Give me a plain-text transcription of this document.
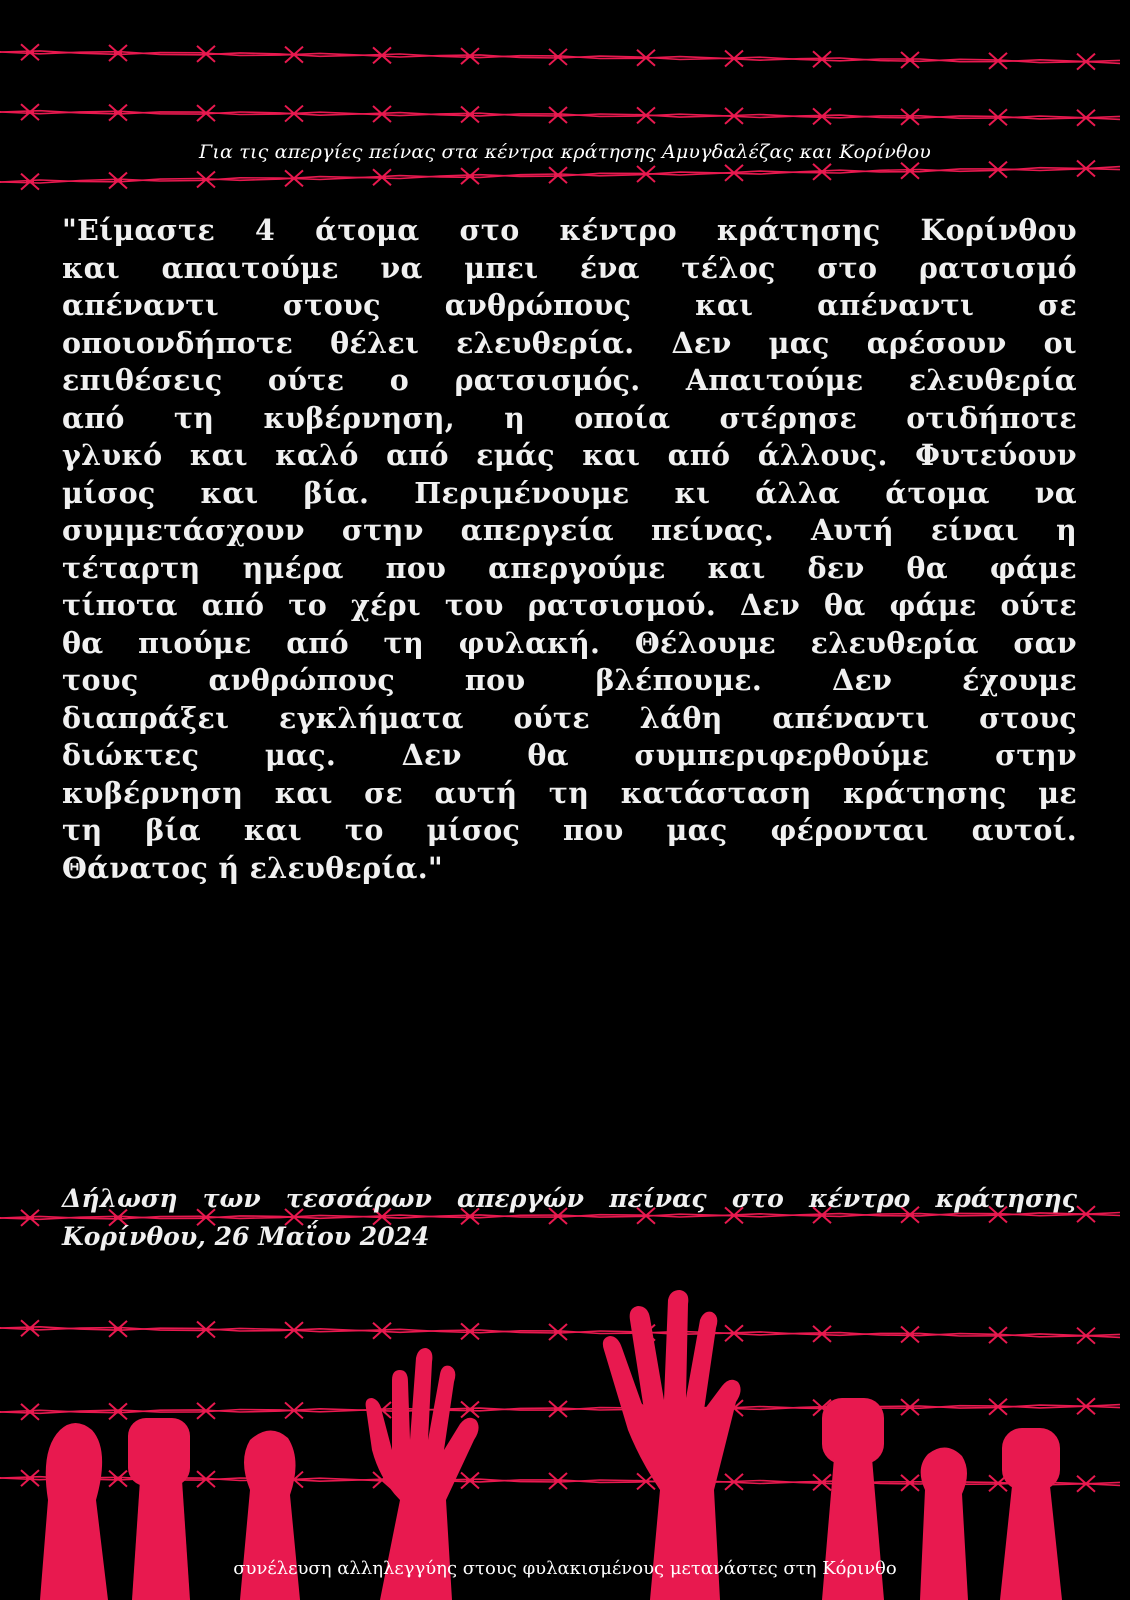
Για τις απεργίες πείνας στα κέντρα κράτησης Αμυγδαλέζας και Κορίνθου
"Είμαστε 4 άτομα στο κέντρο κράτησης Κορίνθου
και απαιτούμε να μπει ένα τέλος στο ρατσισμό
απέναντι στους ανθρώπους και απέναντι σε
οποιονδήποτε θέλει ελευθερία. Δεν μας αρέσουν οι
επιθέσεις ούτε ο ρατσισμός. Απαιτούμε ελευθερία
από τη κυβέρνηση, η οποία στέρησε οτιδήποτε
γλυκό και καλό από εμάς και από άλλους. Φυτεύουν
μίσος και βία. Περιμένουμε κι άλλα άτομα να
συμμετάσχουν στην απεργεία πείνας. Αυτή είναι η
τέταρτη ημέρα που απεργούμε και δεν θα φάμε
τίποτα από το χέρι του ρατσισμού. Δεν θα φάμε ούτε
θα πιούμε από τη φυλακή. Θέλουμε ελευθερία σαν
τους ανθρώπους που βλέπουμε. Δεν έχουμε
διαπράξει εγκλήματα ούτε λάθη απέναντι στους
διώκτες μας. Δεν θα συμπεριφερθούμε στην
κυβέρνηση και σε αυτή τη κατάσταση κράτησης με
τη βία και το μίσος που μας φέρονται αυτοί.
Θάνατος ή ελευθερία."
Δήλωση των τεσσάρων απεργών πείνας στο κέντρο κράτησης
Κορίνθου, 26 Μαΐου 2024
συνέλευση αλληλεγγύης στους φυλακισμένους μετανάστες στη Κόρινθο
